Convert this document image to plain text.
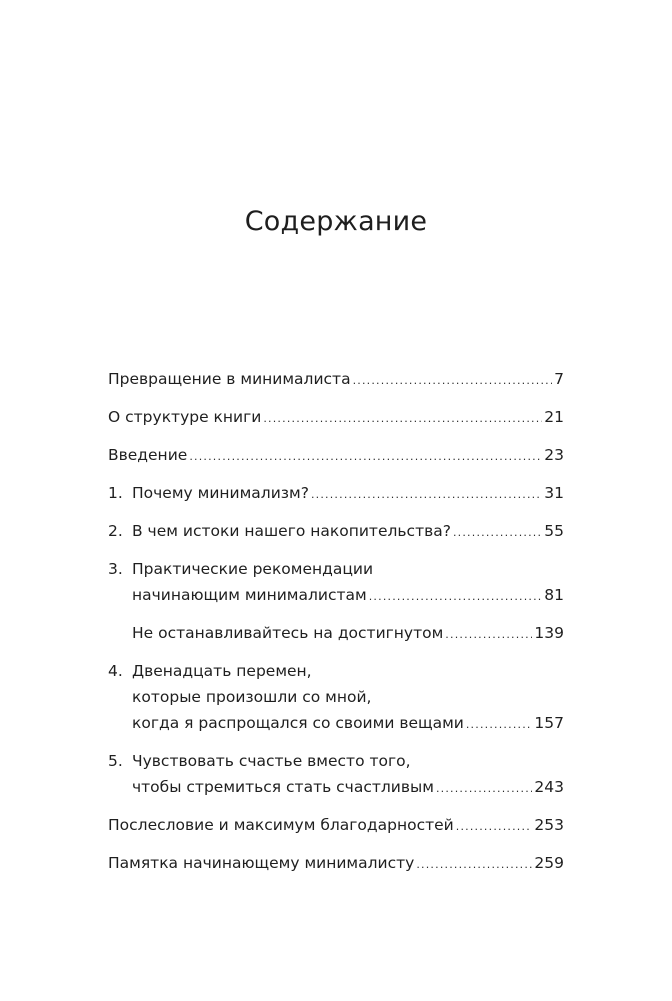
Содержание
Превращение в минималиста .....	7
О структуре книги .....	21
Введение .....	23
1. Почему минимализм? .....	31
2. В чем истоки нашего накопительства? .....	55
3. Практические рекомендации
начинающим минималистам .....	81
Не останавливайтесь на достигнутом .....	139
4. Двенадцать перемен,
которые произошли со мной,
когда я распрощался со своими вещами .....	157
5. Чувствовать счастье вместо того,
чтобы стремиться стать счастливым .....	243
Послесловие и максимум благодарностей .....	253
Памятка начинающему минималисту .....	259
